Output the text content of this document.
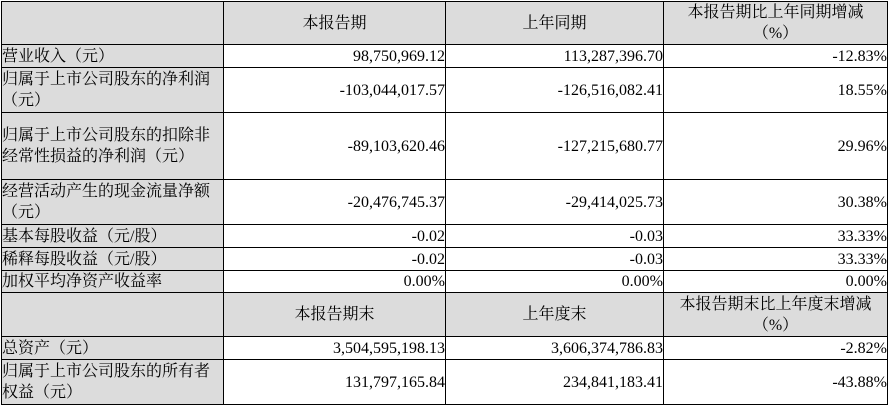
	本报告期	上年同期	本报告期比上年同期增减
（%）

营业收入（元）	98,750,969.12	113,287,396.70	-12.83%
归属于上市公司股东的净利润（元）	-103,044,017.57	-126,516,082.41	18.55%
归属于上市公司股东的扣除非经常性损益的净利润（元）	-89,103,620.46	-127,215,680.77	29.96%
经营活动产生的现金流量净额（元）	-20,476,745.37	-29,414,025.73	30.38%
基本每股收益（元/股）	-0.02	-0.03	33.33%
稀释每股收益（元/股）	-0.02	-0.03	33.33%
加权平均净资产收益率	0.00%	0.00%	0.00%
	本报告期末	上年度末	本报告期末比上年度末增减
（%）

总资产（元）	3,504,595,198.13	3,606,374,786.83	-2.82%
归属于上市公司股东的所有者权益（元）	131,797,165.84	234,841,183.41	-43.88%
